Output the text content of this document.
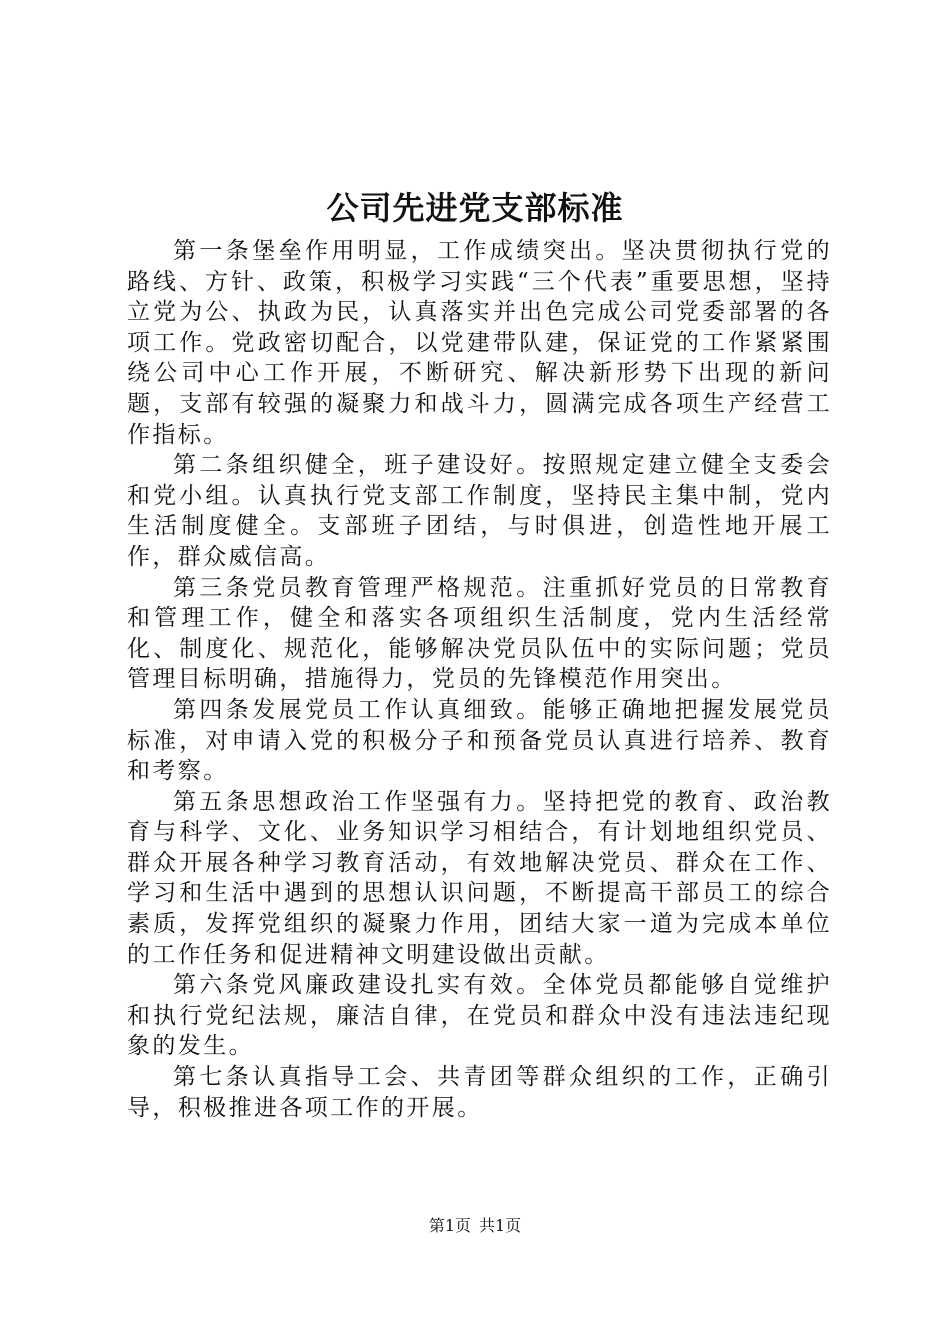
公司先进党支部标准

第一条堡垒作用明显，工作成绩突出。坚决贯彻执行党的路线、方针、政策，积极学习实践“三个代表”重要思想，坚持立党为公、执政为民，认真落实并出色完成公司党委部署的各项工作。党政密切配合，以党建带队建，保证党的工作紧紧围绕公司中心工作开展，不断研究、解决新形势下出现的新问题，支部有较强的凝聚力和战斗力，圆满完成各项生产经营工作指标。

第二条组织健全，班子建设好。按照规定建立健全支委会和党小组。认真执行党支部工作制度，坚持民主集中制，党内生活制度健全。支部班子团结，与时俱进，创造性地开展工作，群众威信高。

第三条党员教育管理严格规范。注重抓好党员的日常教育和管理工作，健全和落实各项组织生活制度，党内生活经常化、制度化、规范化，能够解决党员队伍中的实际问题；党员管理目标明确，措施得力，党员的先锋模范作用突出。

第四条发展党员工作认真细致。能够正确地把握发展党员标准，对申请入党的积极分子和预备党员认真进行培养、教育和考察。

第五条思想政治工作坚强有力。坚持把党的教育、政治教育与科学、文化、业务知识学习相结合，有计划地组织党员、群众开展各种学习教育活动，有效地解决党员、群众在工作、学习和生活中遇到的思想认识问题，不断提高干部员工的综合素质，发挥党组织的凝聚力作用，团结大家一道为完成本单位的工作任务和促进精神文明建设做出贡献。

第六条党风廉政建设扎实有效。全体党员都能够自觉维护和执行党纪法规，廉洁自律，在党员和群众中没有违法违纪现象的发生。

第七条认真指导工会、共青团等群众组织的工作，正确引导，积极推进各项工作的开展。

第1页 共1页
